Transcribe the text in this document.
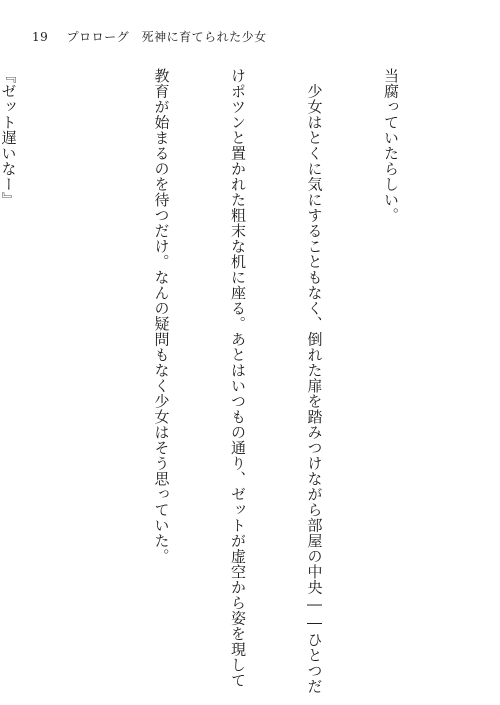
19 プロローグ　死神に育てられた少女

当腐っていたらしい。

　少女はとくに気にすることもなく、倒れた扉を踏みつけながら部屋の中央――ひとつだ

けポツンと置かれた粗末な机に座る。あとはいつもの通り、ゼットが虚空から姿を現して

教育が始まるのを待つだけ。なんの疑問もなく少女はそう思っていた。

『ゼット遅いなー』
